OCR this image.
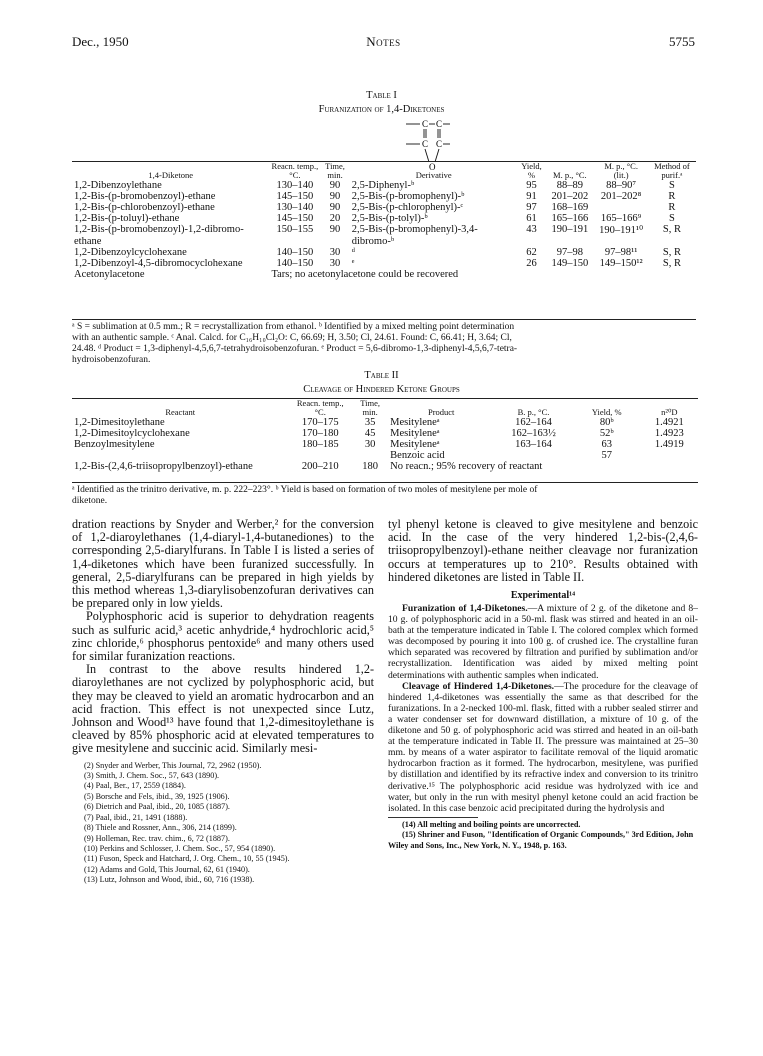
Dec., 1950	Notes	5755
Table I
Furanization of 1,4-Diketones
C C
C C
O
1,4-Diketone	Reacn. temp., °C.	Time, min.	Derivative	Yield, %	M. p., °C.	M. p., °C. (lit.)	Method of purif.ᵃ
1,2-Dibenzoylethane	130–140	90	2,5-Diphenyl-ᵇ	95	88–89	88–90⁷	S
1,2-Bis-(p-bromobenzoyl)-ethane	145–150	90	2,5-Bis-(p-bromophenyl)-ᵇ	91	201–202	201–202⁸	R
1,2-Bis-(p-chlorobenzoyl)-ethane	130–140	90	2,5-Bis-(p-chlorophenyl)-ᶜ	97	168–169		R
1,2-Bis-(p-toluyl)-ethane	145–150	20	2,5-Bis-(p-tolyl)-ᵇ	61	165–166	165–166⁹	S
1,2-Bis-(p-bromobenzoyl)-1,2-dibromo-	150–155	90	2,5-Bis-(p-bromophenyl)-3,4-	43	190–191	190–191¹⁰	S, R
ethane			dibromo-ᵇ				
1,2-Dibenzoylcyclohexane	140–150	30	ᵈ	62	97–98	97–98¹¹	S, R
1,2-Dibenzoyl-4,5-dibromocyclohexane	140–150	30	ᵉ	26	149–150	149–150¹²	S, R
Acetonylacetone	Tars; no acetonylacetone could be recovered						
ᵃ S = sublimation at 0.5 mm.; R = recrystallization from ethanol. ᵇ Identified by a mixed melting point determination
with an authentic sample. ᶜ Anal. Calcd. for C₁₆H₁₀Cl₂O: C, 66.69; H, 3.50; Cl, 24.61. Found: C, 66.41; H, 3.64; Cl,
24.48. ᵈ Product = 1,3-diphenyl-4,5,6,7-tetrahydroisobenzofuran. ᵉ Product = 5,6-dibromo-1,3-diphenyl-4,5,6,7-tetra-
hydroisobenzofuran.
Table II
Cleavage of Hindered Ketone Groups
Reactant	Reacn. temp., °C.	Time, min.	Product	B. p., °C.	Yield, %	n²⁰D
1,2-Dimesitoylethane	170–175	35	Mesityleneᵃ	162–164	80ᵇ	1.4921
1,2-Dimesitoylcyclohexane	170–180	45	Mesityleneᵃ	162–163½	52ᵇ	1.4923
Benzoylmesitylene	180–185	30	Mesityleneᵃ	163–164	63	1.4919
			Benzoic acid		57	
1,2-Bis-(2,4,6-triisopropylbenzoyl)-ethane	200–210	180	No reacn.; 95% recovery of reactant			
ᵃ Identified as the trinitro derivative, m. p. 222–223°. ᵇ Yield is based on formation of two moles of mesitylene per mole of
diketone.

dration reactions by Snyder and Werber,² for the conversion of 1,2-diaroylethanes (1,4-diaryl-1,4-butanediones) to the corresponding 2,5-diarylfurans. In Table I is listed a series of 1,4-diketones which have been furanized successfully. In general, 2,5-diarylfurans can be prepared in high yields by this method whereas 1,3-diarylisobenzofuran derivatives can be prepared only in low yields.

Polyphosphoric acid is superior to dehydration reagents such as sulfuric acid,³ acetic anhydride,⁴ hydrochloric acid,⁵ zinc chloride,⁶ phosphorus pentoxide⁶ and many others used for similar furanization reactions.

In contrast to the above results hindered 1,2-diaroylethanes are not cyclized by polyphosphoric acid, but they may be cleaved to yield an aromatic hydrocarbon and an acid fraction. This effect is not unexpected since Lutz, Johnson and Wood¹³ have found that 1,2-dimesitoylethane is cleaved by 85% phosphoric acid at elevated temperatures to give mesitylene and succinic acid. Similarly mesi-

(2) Snyder and Werber, This Journal, 72, 2962 (1950).
(3) Smith, J. Chem. Soc., 57, 643 (1890).
(4) Paal, Ber., 17, 2559 (1884).
(5) Borsche and Fels, ibid., 39, 1925 (1906).
(6) Dietrich and Paal, ibid., 20, 1085 (1887).
(7) Paal, ibid., 21, 1491 (1888).
(8) Thiele and Rossner, Ann., 306, 214 (1899).
(9) Holleman, Rec. trav. chim., 6, 72 (1887).
(10) Perkins and Schlosser, J. Chem. Soc., 57, 954 (1890).
(11) Fuson, Speck and Hatchard, J. Org. Chem., 10, 55 (1945).
(12) Adams and Gold, This Journal, 62, 61 (1940).
(13) Lutz, Johnson and Wood, ibid., 60, 716 (1938).

tyl phenyl ketone is cleaved to give mesitylene and benzoic acid. In the case of the very hindered 1,2-bis-(2,4,6-triisopropylbenzoyl)-ethane neither cleavage nor furanization occurs at temperatures up to 210°. Results obtained with hindered diketones are listed in Table II.

Experimental¹⁴

Furanization of 1,4-Diketones.—A mixture of 2 g. of the diketone and 8–10 g. of polyphosphoric acid in a 50-ml. flask was stirred and heated in an oil-bath at the temperature indicated in Table I. The colored complex which formed was decomposed by pouring it into 100 g. of crushed ice. The crystalline furan which separated was recovered by filtration and purified by sublimation and/or recrystallization. Identification was aided by mixed melting point determinations with authentic samples when indicated.

Cleavage of Hindered 1,4-Diketones.—The procedure for the cleavage of hindered 1,4-diketones was essentially the same as that described for the furanizations. In a 2-necked 100-ml. flask, fitted with a rubber sealed stirrer and a water condenser set for downward distillation, a mixture of 10 g. of the diketone and 50 g. of polyphosphoric acid was stirred and heated in an oil-bath at the temperature indicated in Table II. The pressure was maintained at 25–30 mm. by means of a water aspirator to facilitate removal of the liquid aromatic hydrocarbon fraction as it formed. The hydrocarbon, mesitylene, was purified by distillation and identified by its refractive index and conversion to its trinitro derivative.¹⁵ The polyphosphoric acid residue was hydrolyzed with ice and water, but only in the run with mesityl phenyl ketone could an acid fraction be isolated. In this case benzoic acid precipitated during the hydrolysis and

(14) All melting and boiling points are uncorrected.
(15) Shriner and Fuson, "Identification of Organic Compounds," 3rd Edition, John Wiley and Sons, Inc., New York, N. Y., 1948, p. 163.
